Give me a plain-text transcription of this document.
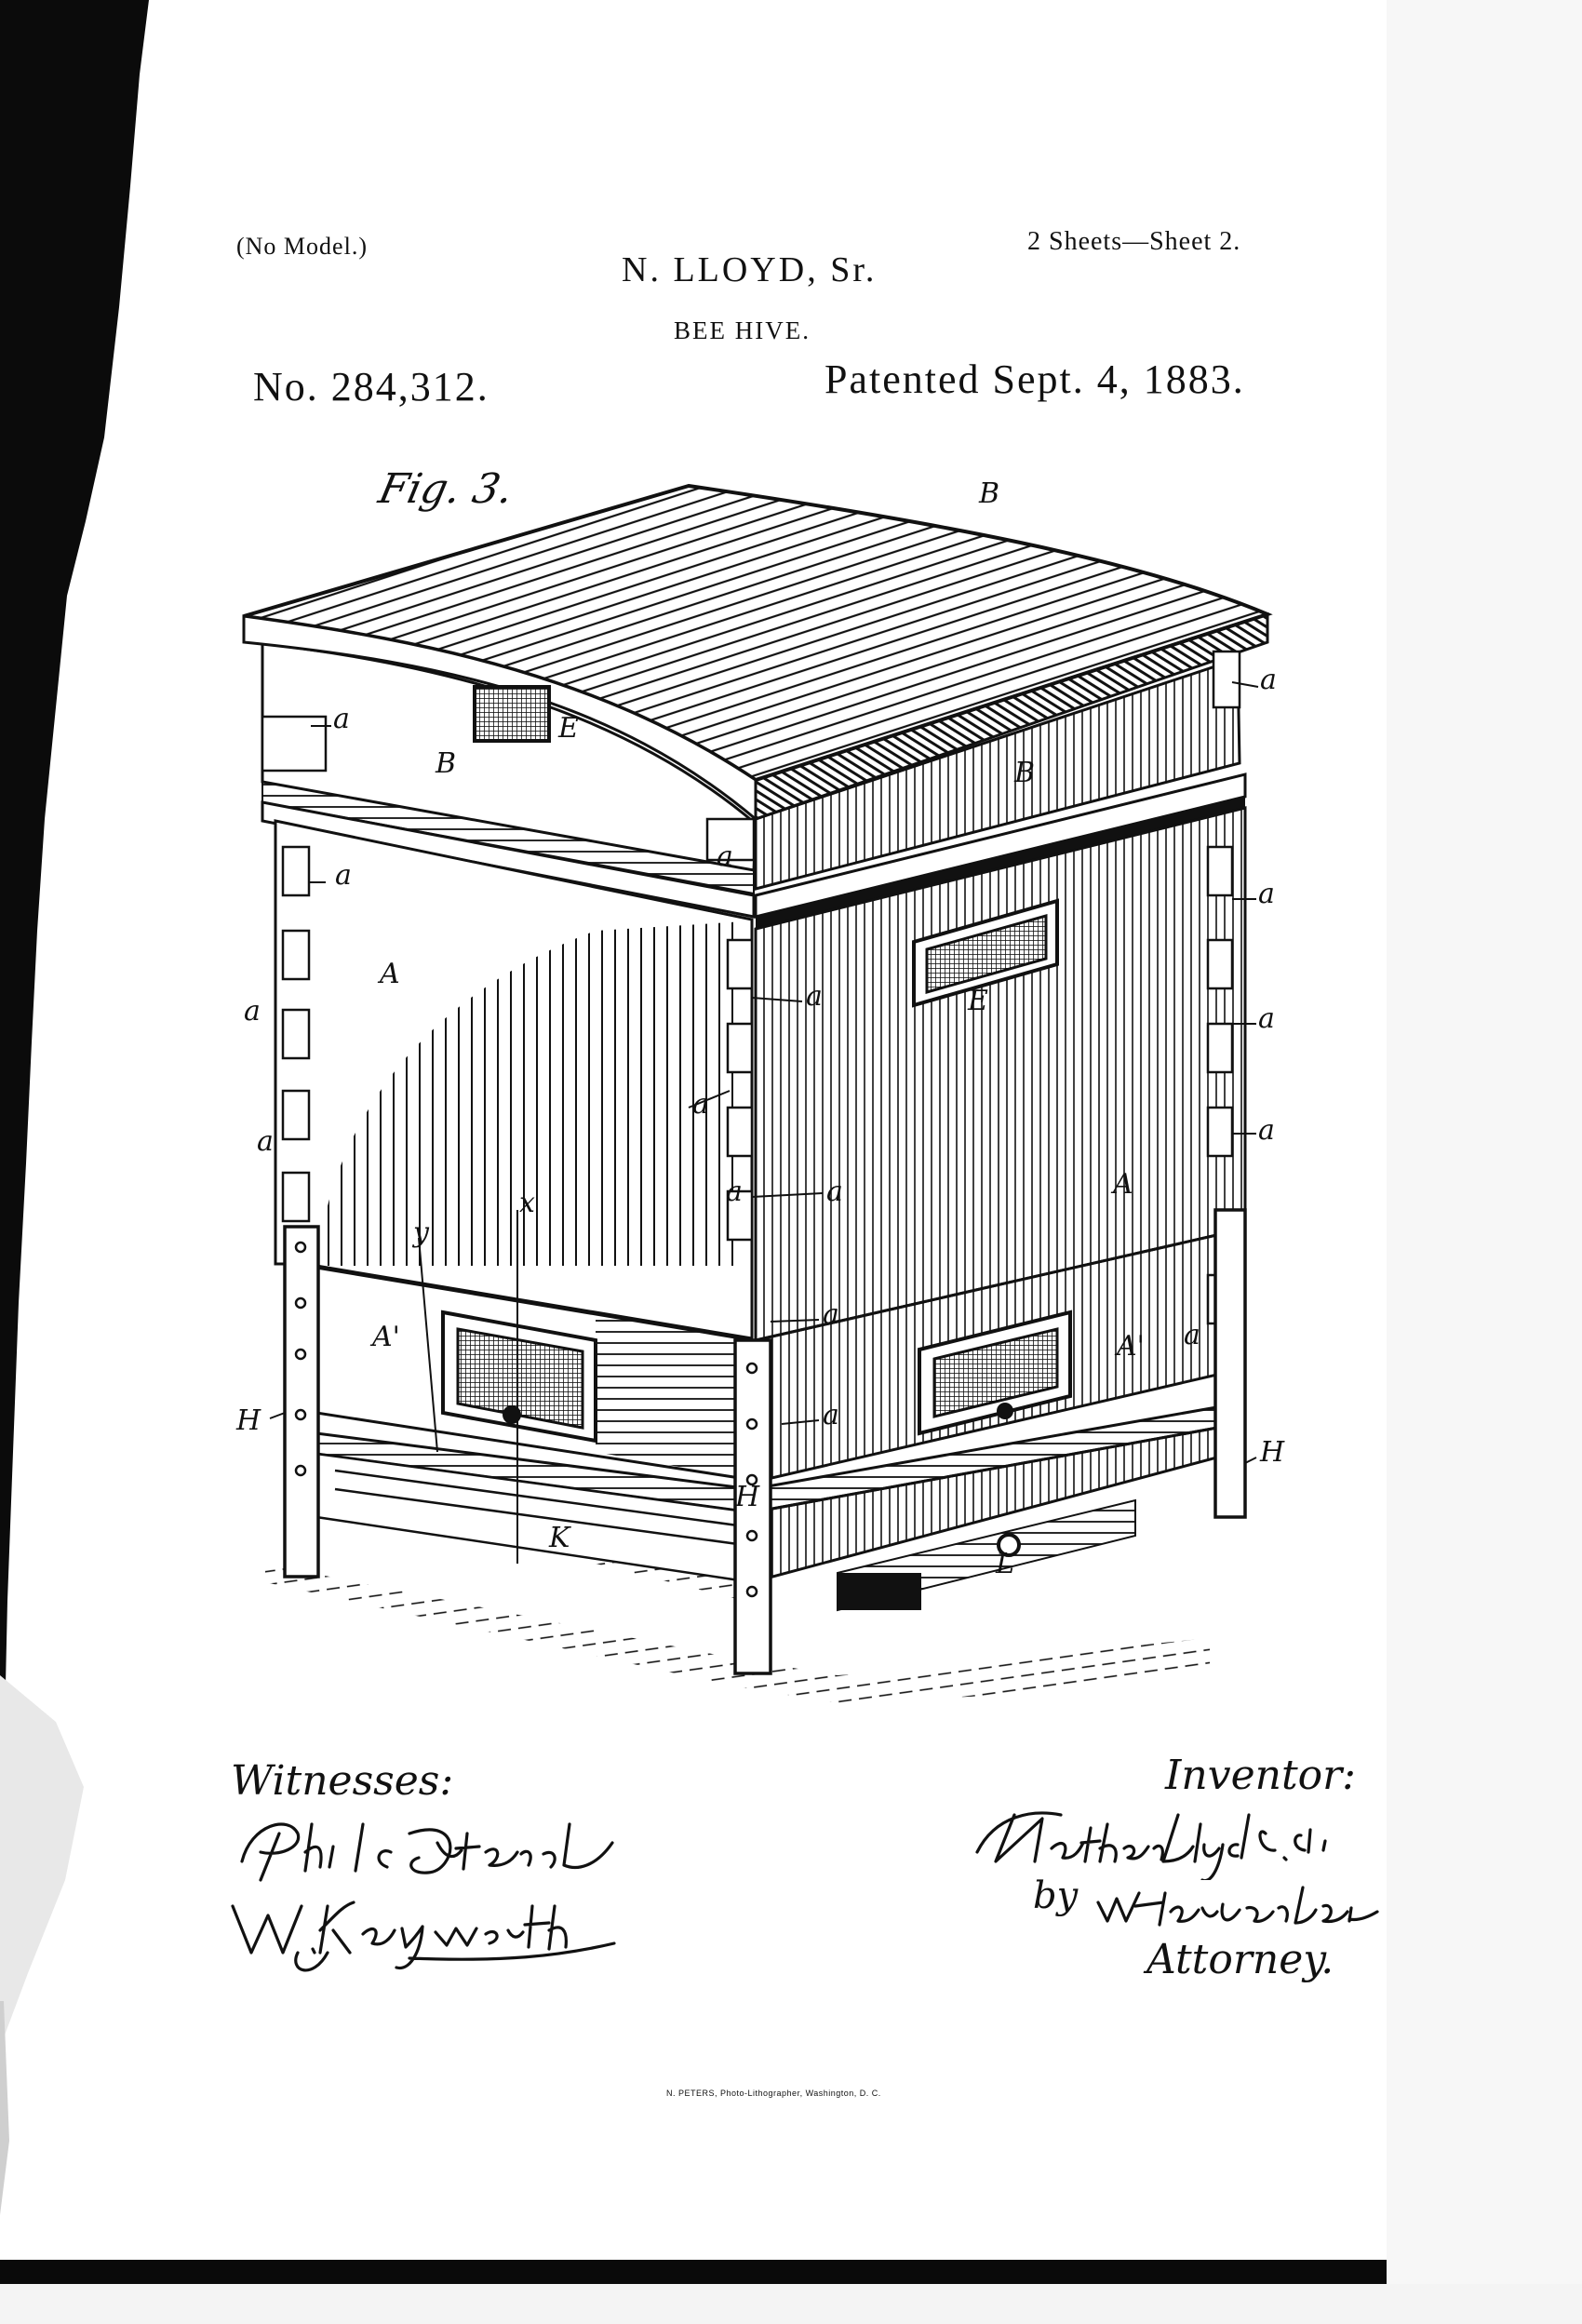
(No Model.)
N. LLOYD, Sr.
2 Sheets—Sheet 2.
BEE HIVE.
No. 284,312.	Patented Sept. 4, 1883.
Fig. 3.	B
B	B
E
E
A
A
A'	A'
H
H
H
L
x
y
K
a
a
a
a
a
a
a
a
a
a
a
a
a
a
a
a
Witnesses:	Inventor:
by
Attorney.
N. PETERS, Photo-Lithographer, Washington, D. C.
